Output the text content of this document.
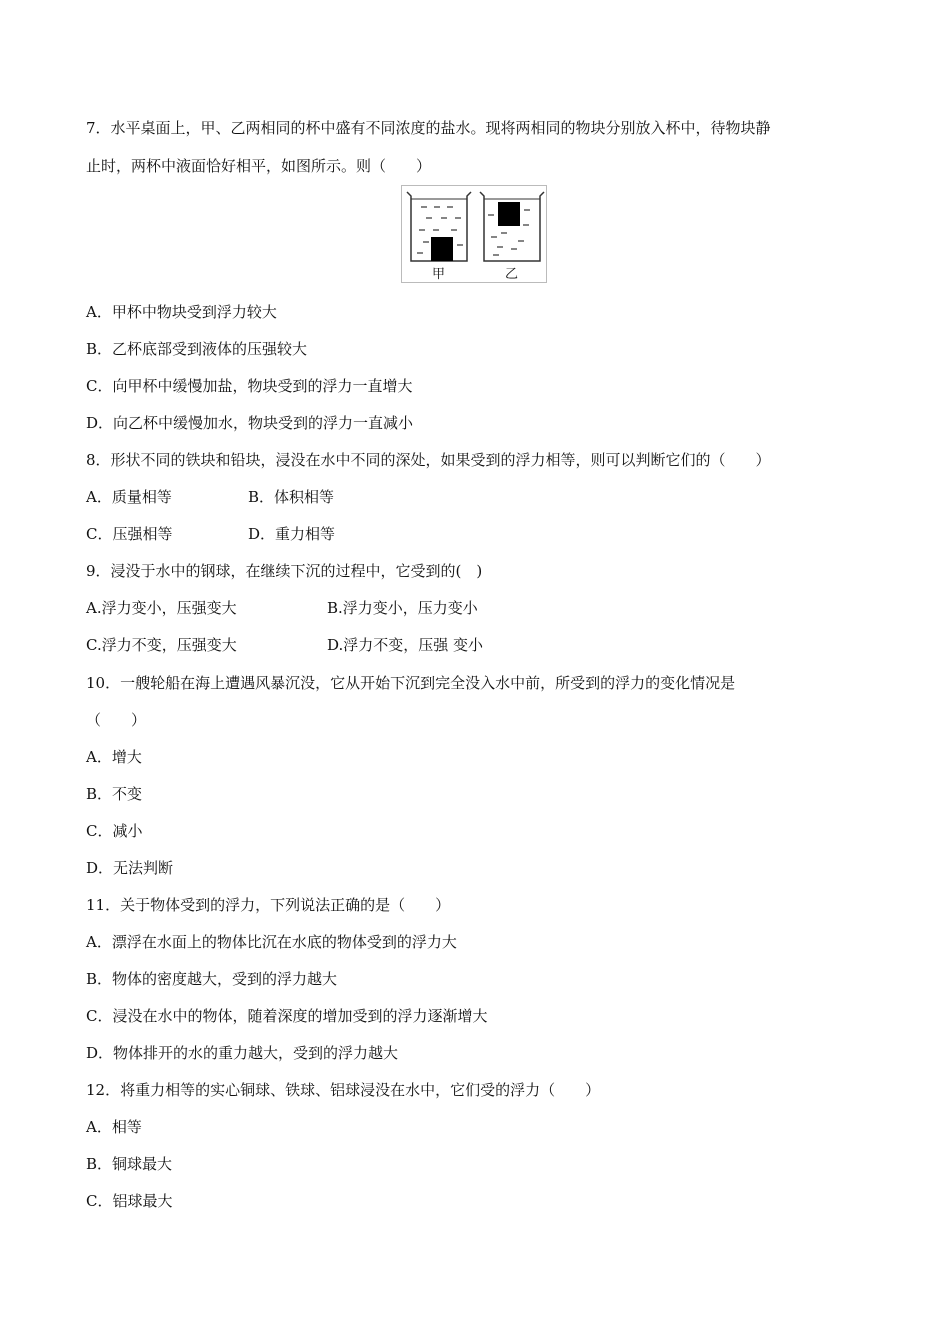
7．水平桌面上，甲、乙两相同的杯中盛有不同浓度的盐水。现将两相同的物块分别放入杯中，待物块静
止时，两杯中液面恰好相平，如图所示。则（　　）
甲	乙
A．甲杯中物块受到浮力较大
B．乙杯底部受到液体的压强较大
C．向甲杯中缓慢加盐，物块受到的浮力一直增大
D．向乙杯中缓慢加水，物块受到的浮力一直减小
8．形状不同的铁块和铅块，浸没在水中不同的深处，如果受到的浮力相等，则可以判断它们的（　　）
A．质量相等	B．体积相等
C．压强相等	D．重力相等
9．浸没于水中的钢球，在继续下沉的过程中，它受到的(　)
A.浮力变小，压强变大	B.浮力变小，压力变小
C.浮力不变，压强变大	D.浮力不变，压强 变小
10．一艘轮船在海上遭遇风暴沉没，它从开始下沉到完全没入水中前，所受到的浮力的变化情况是
（　　）
A．增大
B．不变
C．减小
D．无法判断
11．关于物体受到的浮力，下列说法正确的是（　　）
A．漂浮在水面上的物体比沉在水底的物体受到的浮力大
B．物体的密度越大，受到的浮力越大
C．浸没在水中的物体，随着深度的增加受到的浮力逐渐增大
D．物体排开的水的重力越大，受到的浮力越大
12．将重力相等的实心铜球、铁球、铝球浸没在水中，它们受的浮力（　　）
A．相等
B．铜球最大
C．铝球最大
